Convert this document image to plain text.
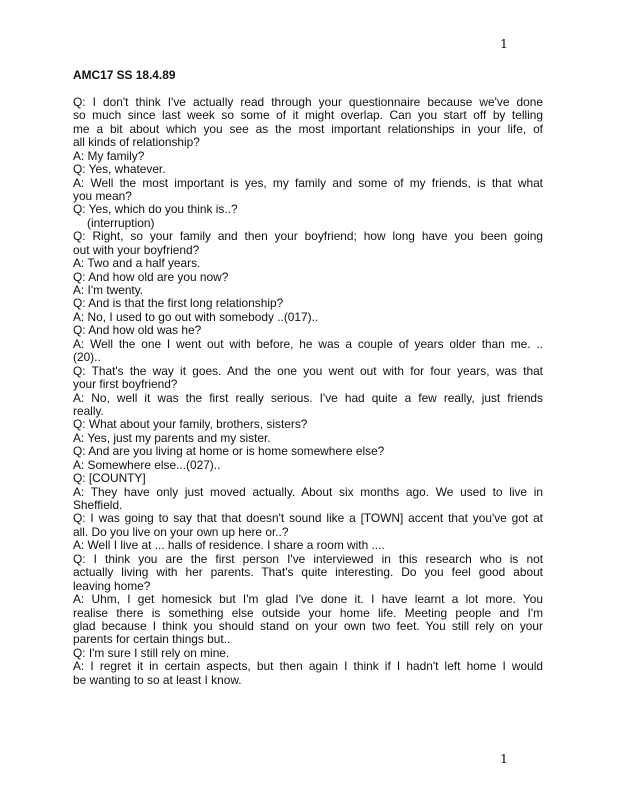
1
AMC17 SS 18.4.89
Q: I don't think I've actually read through your questionnaire because we've done
so much since last week so some of it might overlap. Can you start off by telling
me a bit about which you see as the most important relationships in your life, of
all kinds of relationship?
A: My family?
Q: Yes, whatever.
A: Well the most important is yes, my family and some of my friends, is that what
you mean?
Q: Yes, which do you think is..?
(interruption)
Q: Right, so your family and then your boyfriend; how long have you been going
out with your boyfriend?
A: Two and a half years.
Q: And how old are you now?
A: I'm twenty.
Q: And is that the first long relationship?
A: No, I used to go out with somebody ..(017)..
Q: And how old was he?
A: Well the one I went out with before, he was a couple of years older than me. ..
(20)..
Q: That's the way it goes. And the one you went out with for four years, was that
your first boyfriend?
A: No, well it was the first really serious. I've had quite a few really, just friends
really.
Q: What about your family, brothers, sisters?
A: Yes, just my parents and my sister.
Q: And are you living at home or is home somewhere else?
A: Somewhere else...(027)..
Q: [COUNTY]
A: They have only just moved actually. About six months ago. We used to live in
Sheffield.
Q: I was going to say that that doesn't sound like a [TOWN] accent that you've got at
all. Do you live on your own up here or..?
A: Well I live at ... halls of residence. I share a room with ....
Q: I think you are the first person I've interviewed in this research who is not
actually living with her parents. That's quite interesting. Do you feel good about
leaving home?
A: Uhm, I get homesick but I'm glad I've done it. I have learnt a lot more. You
realise there is something else outside your home life. Meeting people and I'm
glad because I think you should stand on your own two feet. You still rely on your
parents for certain things but..
Q: I'm sure I still rely on mine.
A: I regret it in certain aspects, but then again I think if I hadn't left home I would
be wanting to so at least I know.
1
